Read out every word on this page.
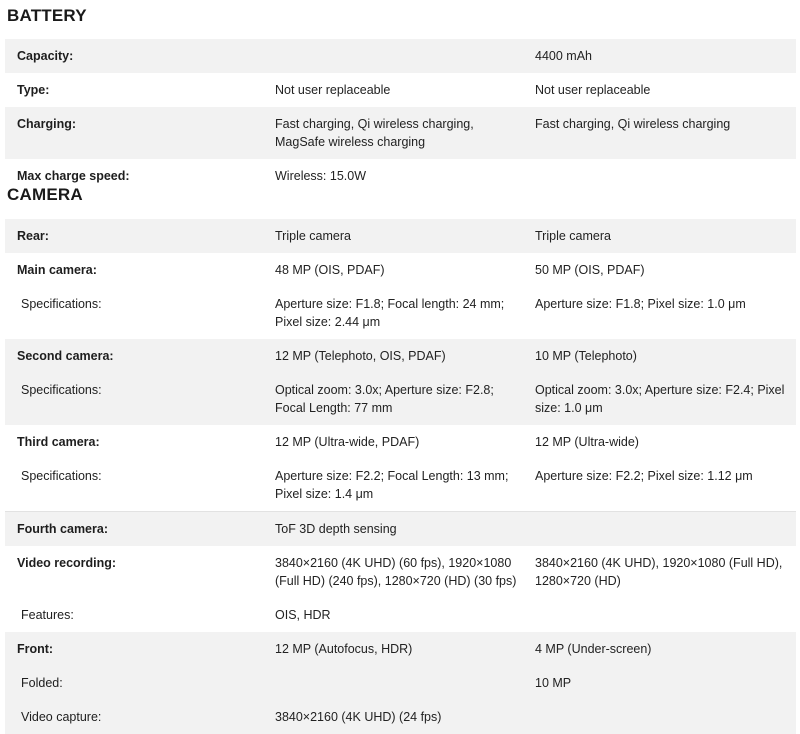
BATTERY
Capacity:		4400 mAh
Type:	Not user replaceable	Not user replaceable
Charging:	Fast charging, Qi wireless charging, MagSafe wireless charging	Fast charging, Qi wireless charging
Max charge speed:	Wireless: 15.0W	
CAMERA
Rear:	Triple camera	Triple camera
Main camera:	48 MP (OIS, PDAF)	50 MP (OIS, PDAF)
Specifications:	Aperture size: F1.8; Focal length: 24 mm; Pixel size: 2.44 μm	Aperture size: F1.8; Pixel size: 1.0 μm
Second camera:	12 MP (Telephoto, OIS, PDAF)	10 MP (Telephoto)
Specifications:	Optical zoom: 3.0x; Aperture size: F2.8; Focal Length: 77 mm	Optical zoom: 3.0x; Aperture size: F2.4; Pixel size: 1.0 μm
Third camera:	12 MP (Ultra-wide, PDAF)	12 MP (Ultra-wide)
Specifications:	Aperture size: F2.2; Focal Length: 13 mm; Pixel size: 1.4 μm	Aperture size: F2.2; Pixel size: 1.12 μm
Fourth camera:	ToF 3D depth sensing	
Video recording:	3840×2160 (4K UHD) (60 fps), 1920×1080 (Full HD) (240 fps), 1280×720 (HD) (30 fps)	3840×2160 (4K UHD), 1920×1080 (Full HD), 1280×720 (HD)
Features:	OIS, HDR	
Front:	12 MP (Autofocus, HDR)	4 MP (Under-screen)
Folded:		10 MP
Video capture:	3840×2160 (4K UHD) (24 fps)	
